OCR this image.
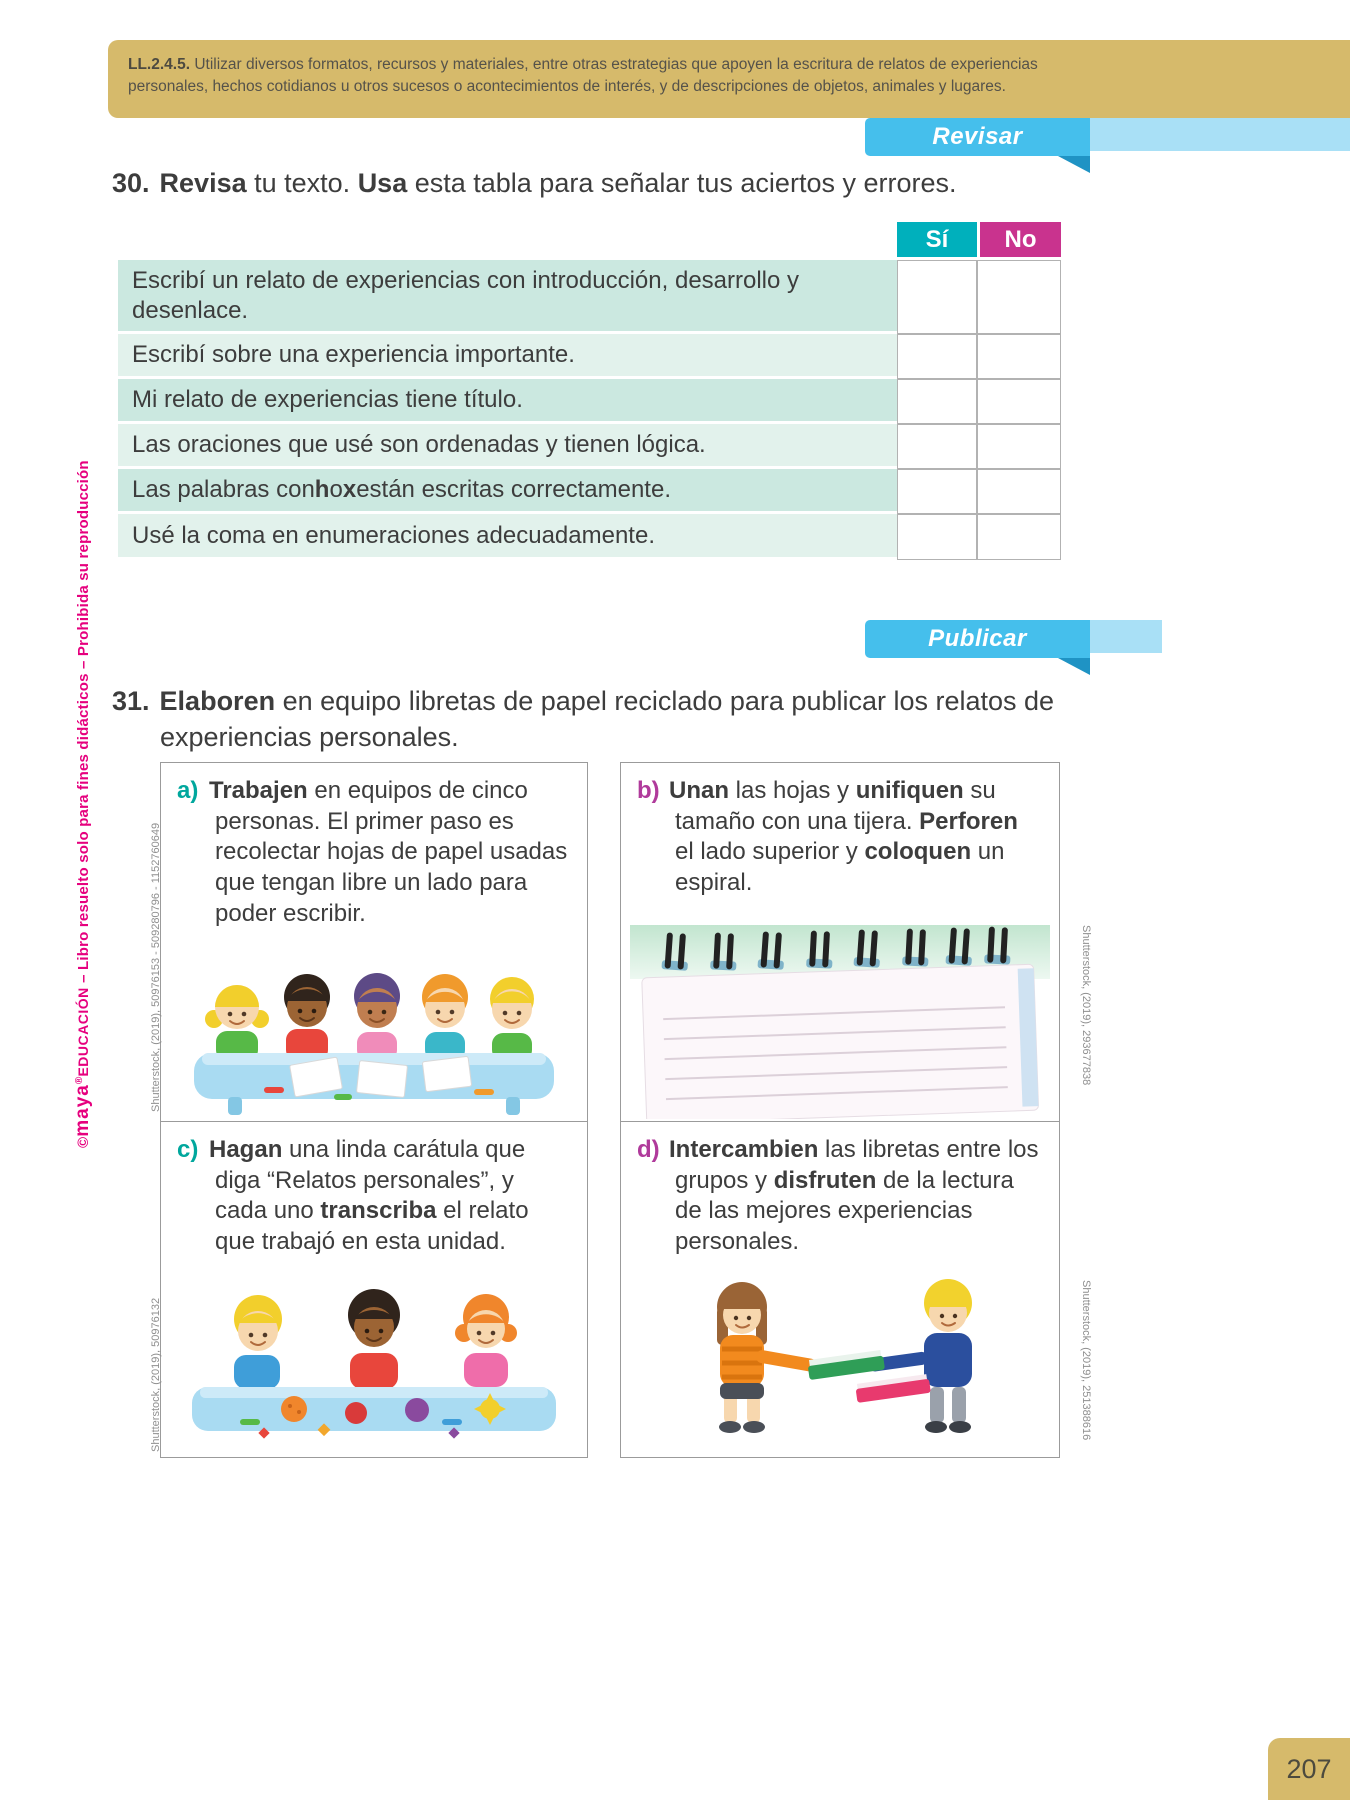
LL.2.4.5. Utilizar diversos formatos, recursos y materiales, entre otras estrategias que apoyen la escritura de relatos de experiencias personales, hechos cotidianos u otros sucesos o acontecimientos de interés, y de descripciones de objetos, animales y lugares.

Revisar

30. Revisa tu texto. Usa esta tabla para señalar tus aciertos y errores.

Sí	No
Escribí un relato de experiencias con introducción, desarrollo y desenlace.
Escribí sobre una experiencia importante.
Mi relato de experiencias tiene título.
Las oraciones que usé son ordenadas y tienen lógica.
Las palabras con h o x están escritas correctamente.
Usé la coma en enumeraciones adecuadamente.
Publicar

31. Elaboren en equipo libretas de papel reciclado para publicar los relatos de experiencias personales.

a) Trabajen en equipos de cinco personas. El primer paso es recolectar hojas de papel usadas que tengan libre un lado para poder escribir.

b) Unan las hojas y unifiquen su tamaño con una tijera. Perforen el lado superior y coloquen un espiral.

c) Hagan una linda carátula que diga “Relatos personales”, y cada uno transcriba el relato que trabajó en esta unidad.

d) Intercambien las libretas entre los grupos y disfruten de la lectura de las mejores experiencias personales.

Shutterstock, (2019), 50976153 - 509280796 - 1152760649	Shutterstock, (2019), 293677838
Shutterstock, (2019), 50976132	Shutterstock, (2019), 251388616
©maya®EDUCACIÓN – Libro resuelto solo para fines didácticos – Prohibida su reproducción
207
